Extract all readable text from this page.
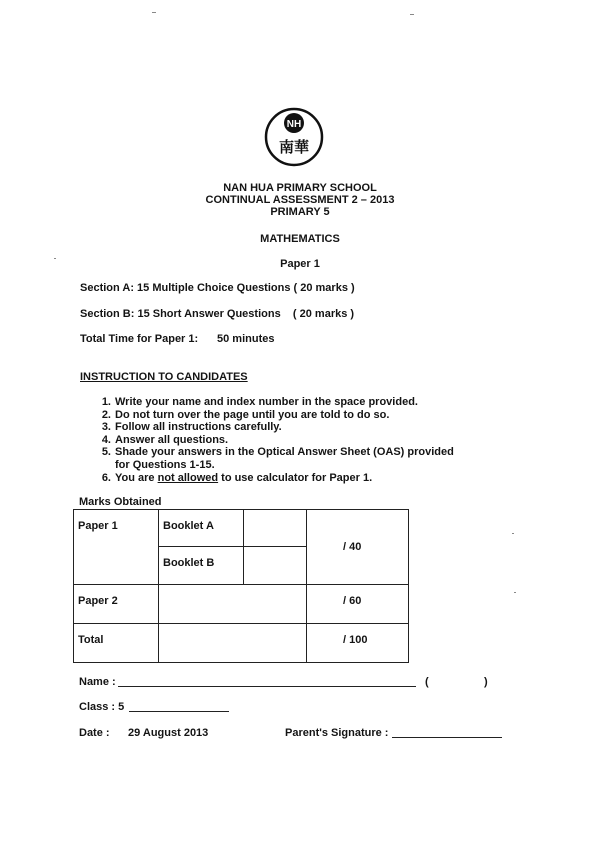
NH
南華
NAN HUA PRIMARY SCHOOL
CONTINUAL ASSESSMENT 2 – 2013
PRIMARY 5
MATHEMATICS
Paper 1
Section A: 15 Multiple Choice Questions ( 20 marks )
Section B: 15 Short Answer Questions    ( 20 marks )
Total Time for Paper 1: 50 minutes
INSTRUCTION TO CANDIDATES
1. Write your name and index number in the space provided.
2. Do not turn over the page until you are told to do so.
3. Follow all instructions carefully.
4. Answer all questions.
5. Shade your answers in the Optical Answer Sheet (OAS) provided
for Questions 1-15.
6. You are not allowed to use calculator for Paper 1.
Marks Obtained
Paper 1	Booklet A		/ 40
	Booklet B		
Paper 2			/ 60
Total			/ 100
Name :	(	)
Class : 5
Date : 29 August 2013	Parent's Signature :
